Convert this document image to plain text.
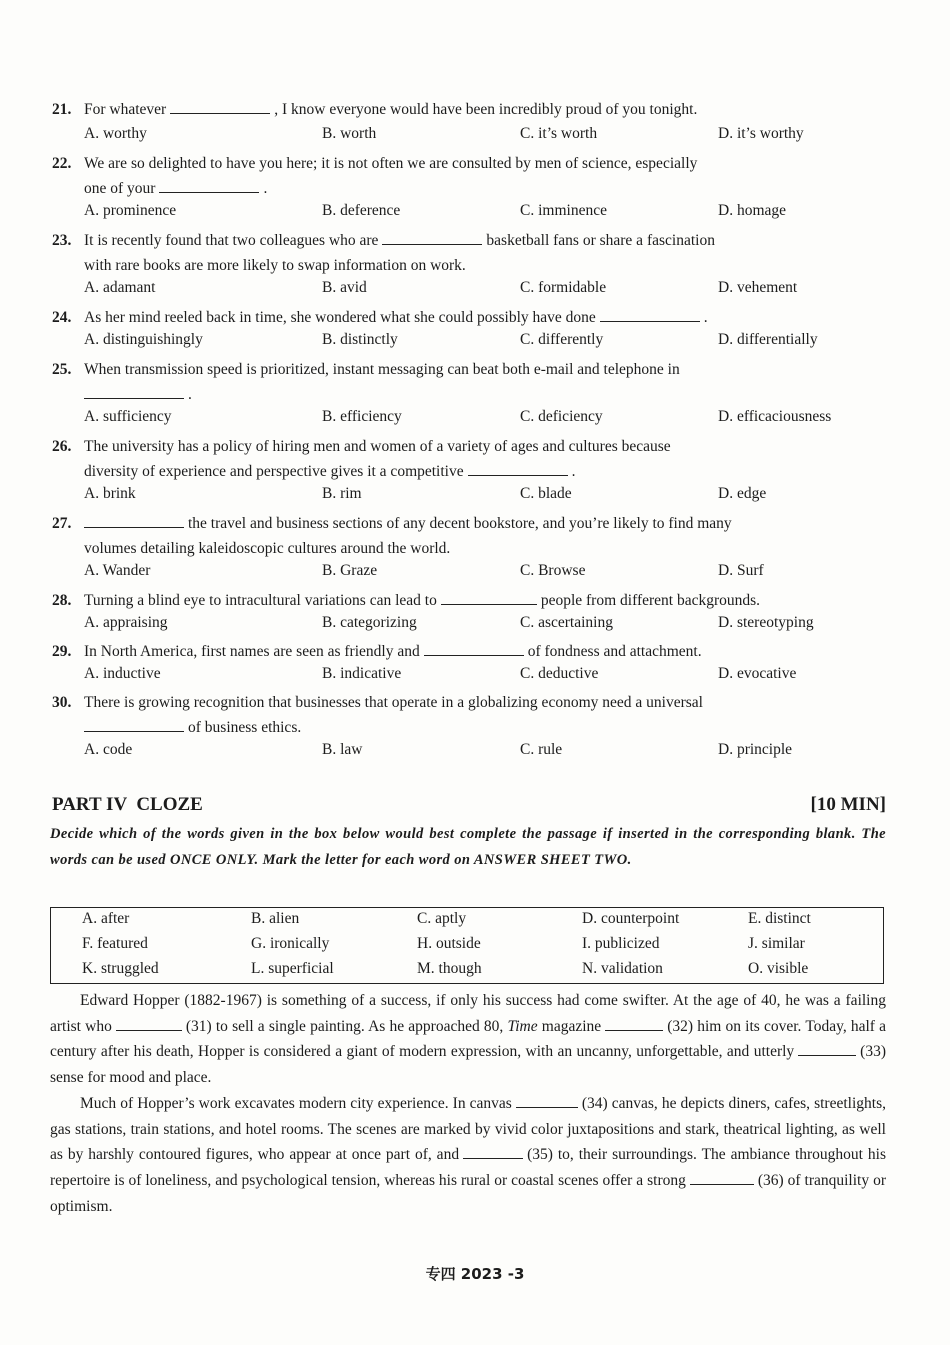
21. For whatever	, I know everyone would have been incredibly proud of you tonight.
A. worthy	B. worth	C. it’s worth	D. it’s worthy
22. We are so delighted to have you here; it is not often we are consulted by men of science, especially
one of your	.
A. prominence	B. deference	C. imminence	D. homage
23. It is recently found that two colleagues who are	basketball fans or share a fascination
with rare books are more likely to swap information on work.
A. adamant	B. avid	C. formidable	D. vehement
24. As her mind reeled back in time, she wondered what she could possibly have done	.
A. distinguishingly	B. distinctly	C. differently	D. differentially
25. When transmission speed is prioritized, instant messaging can beat both e-mail and telephone in
.
A. sufficiency	B. efficiency	C. deficiency	D. efficaciousness
26. The university has a policy of hiring men and women of a variety of ages and cultures because
diversity of experience and perspective gives it a competitive	.
A. brink	B. rim	C. blade	D. edge
27.	the travel and business sections of any decent bookstore, and you’re likely to find many
volumes detailing kaleidoscopic cultures around the world.
A. Wander	B. Graze	C. Browse	D. Surf
28. Turning a blind eye to intracultural variations can lead to	people from different backgrounds.
A. appraising	B. categorizing	C. ascertaining	D. stereotyping
29. In North America, first names are seen as friendly and	of fondness and attachment.
A. inductive	B. indicative	C. deductive	D. evocative
30. There is growing recognition that businesses that operate in a globalizing economy need a universal
of business ethics.
A. code	B. law	C. rule	D. principle
PART IV  CLOZE	[10 MIN]
Decide which of the words given in the box below would best complete the passage if inserted in the corresponding blank. The words can be used ONCE ONLY. Mark the letter for each word on ANSWER SHEET TWO.
A. after	B. alien	C. aptly	D. counterpoint	E. distinct
F. featured	G. ironically	H. outside	I. publicized	J. similar
K. struggled	L. superficial	M. though	N. validation	O. visible

Edward Hopper (1882-1967) is something of a success, if only his success had come swifter. At the age of 40, he was a failing artist who	(31) to sell a single painting. As he approached 80, Time magazine	(32) him on its cover. Today, half a century after his death, Hopper is considered a giant of modern expression, with an uncanny, unforgettable, and utterly	(33) sense for mood and place.

Much of Hopper’s work excavates modern city experience. In canvas	(34) canvas, he depicts diners, cafes, streetlights, gas stations, train stations, and hotel rooms. The scenes are marked by vivid color juxtapositions and stark, theatrical lighting, as well as by harshly contoured figures, who appear at once part of, and	(35) to, their surroundings. The ambiance throughout his repertoire is of loneliness, and psychological tension, whereas his rural or coastal scenes offer a strong	(36) of tranquility or optimism.

专四 2023 -3
